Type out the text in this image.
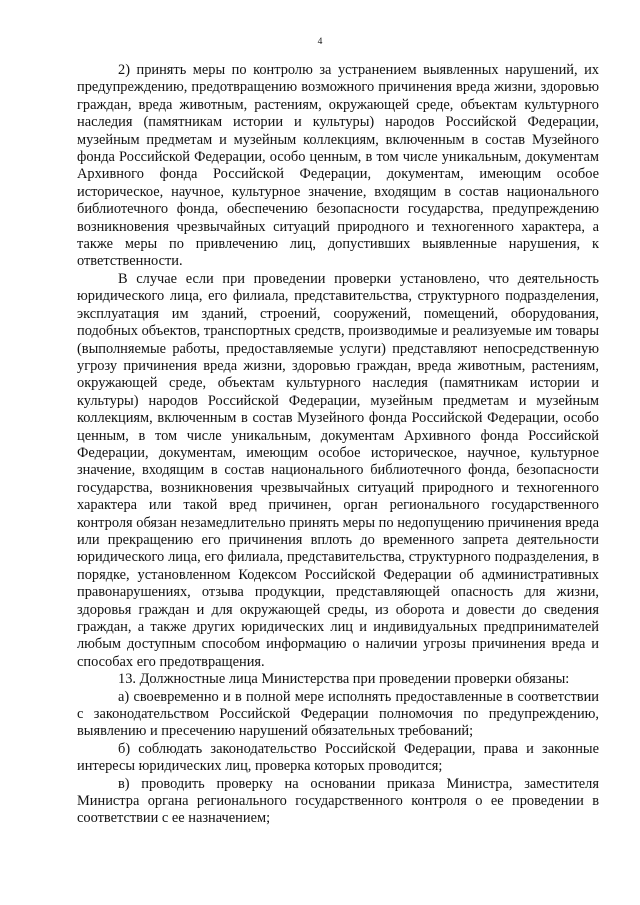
4

2) принять меры по контролю за устранением выявленных нарушений, их предупреждению, предотвращению возможного причинения вреда жизни, здоровью граждан, вреда животным, растениям, окружающей среде, объектам культурного наследия (памятникам истории и культуры) народов Российской Федерации, музейным предметам и музейным коллекциям, включенным в состав Музейного фонда Российской Федерации, особо ценным, в том числе уникальным, документам Архивного фонда Российской Федерации, документам, имеющим особое историческое, научное, культурное значение, входящим в состав национального библиотечного фонда, обеспечению безопасности государства, предупреждению возникновения чрезвычайных ситуаций природного и техногенного характера, а также меры по привлечению лиц, допустивших выявленные нарушения, к ответственности.

В случае если при проведении проверки установлено, что деятельность юридического лица, его филиала, представительства, структурного подразделения, эксплуатация им зданий, строений, сооружений, помещений, оборудования, подобных объектов, транспортных средств, производимые и реализуемые им товары (выполняемые работы, предоставляемые услуги) представляют непосредственную угрозу причинения вреда жизни, здоровью граждан, вреда животным, растениям, окружающей среде, объектам культурного наследия (памятникам истории и культуры) народов Российской Федерации, музейным предметам и музейным коллекциям, включенным в состав Музейного фонда Российской Федерации, особо ценным, в том числе уникальным, документам Архивного фонда Российской Федерации, документам, имеющим особое историческое, научное, культурное значение, входящим в состав национального библиотечного фонда, безопасности государства, возникновения чрезвычайных ситуаций природного и техногенного характера или такой вред причинен, орган регионального государственного контроля обязан незамедлительно принять меры по недопущению причинения вреда или прекращению его причинения вплоть до временного запрета деятельности юридического лица, его филиала, представительства, структурного подразделения, в порядке, установленном Кодексом Российской Федерации об административных правонарушениях, отзыва продукции, представляющей опасность для жизни, здоровья граждан и для окружающей среды, из оборота и довести до сведения граждан, а также других юридических лиц и индивидуальных предпринимателей любым доступным способом информацию о наличии угрозы причинения вреда и способах его предотвращения.

13. Должностные лица Министерства при проведении проверки обязаны:

а) своевременно и в полной мере исполнять предоставленные в соответствии с законодательством Российской Федерации полномочия по предупреждению, выявлению и пресечению нарушений обязательных требований;

б) соблюдать законодательство Российской Федерации, права и законные интересы юридических лиц, проверка которых проводится;

в) проводить проверку на основании приказа Министра, заместителя Министра органа регионального государственного контроля о ее проведении в соответствии с ее назначением;
